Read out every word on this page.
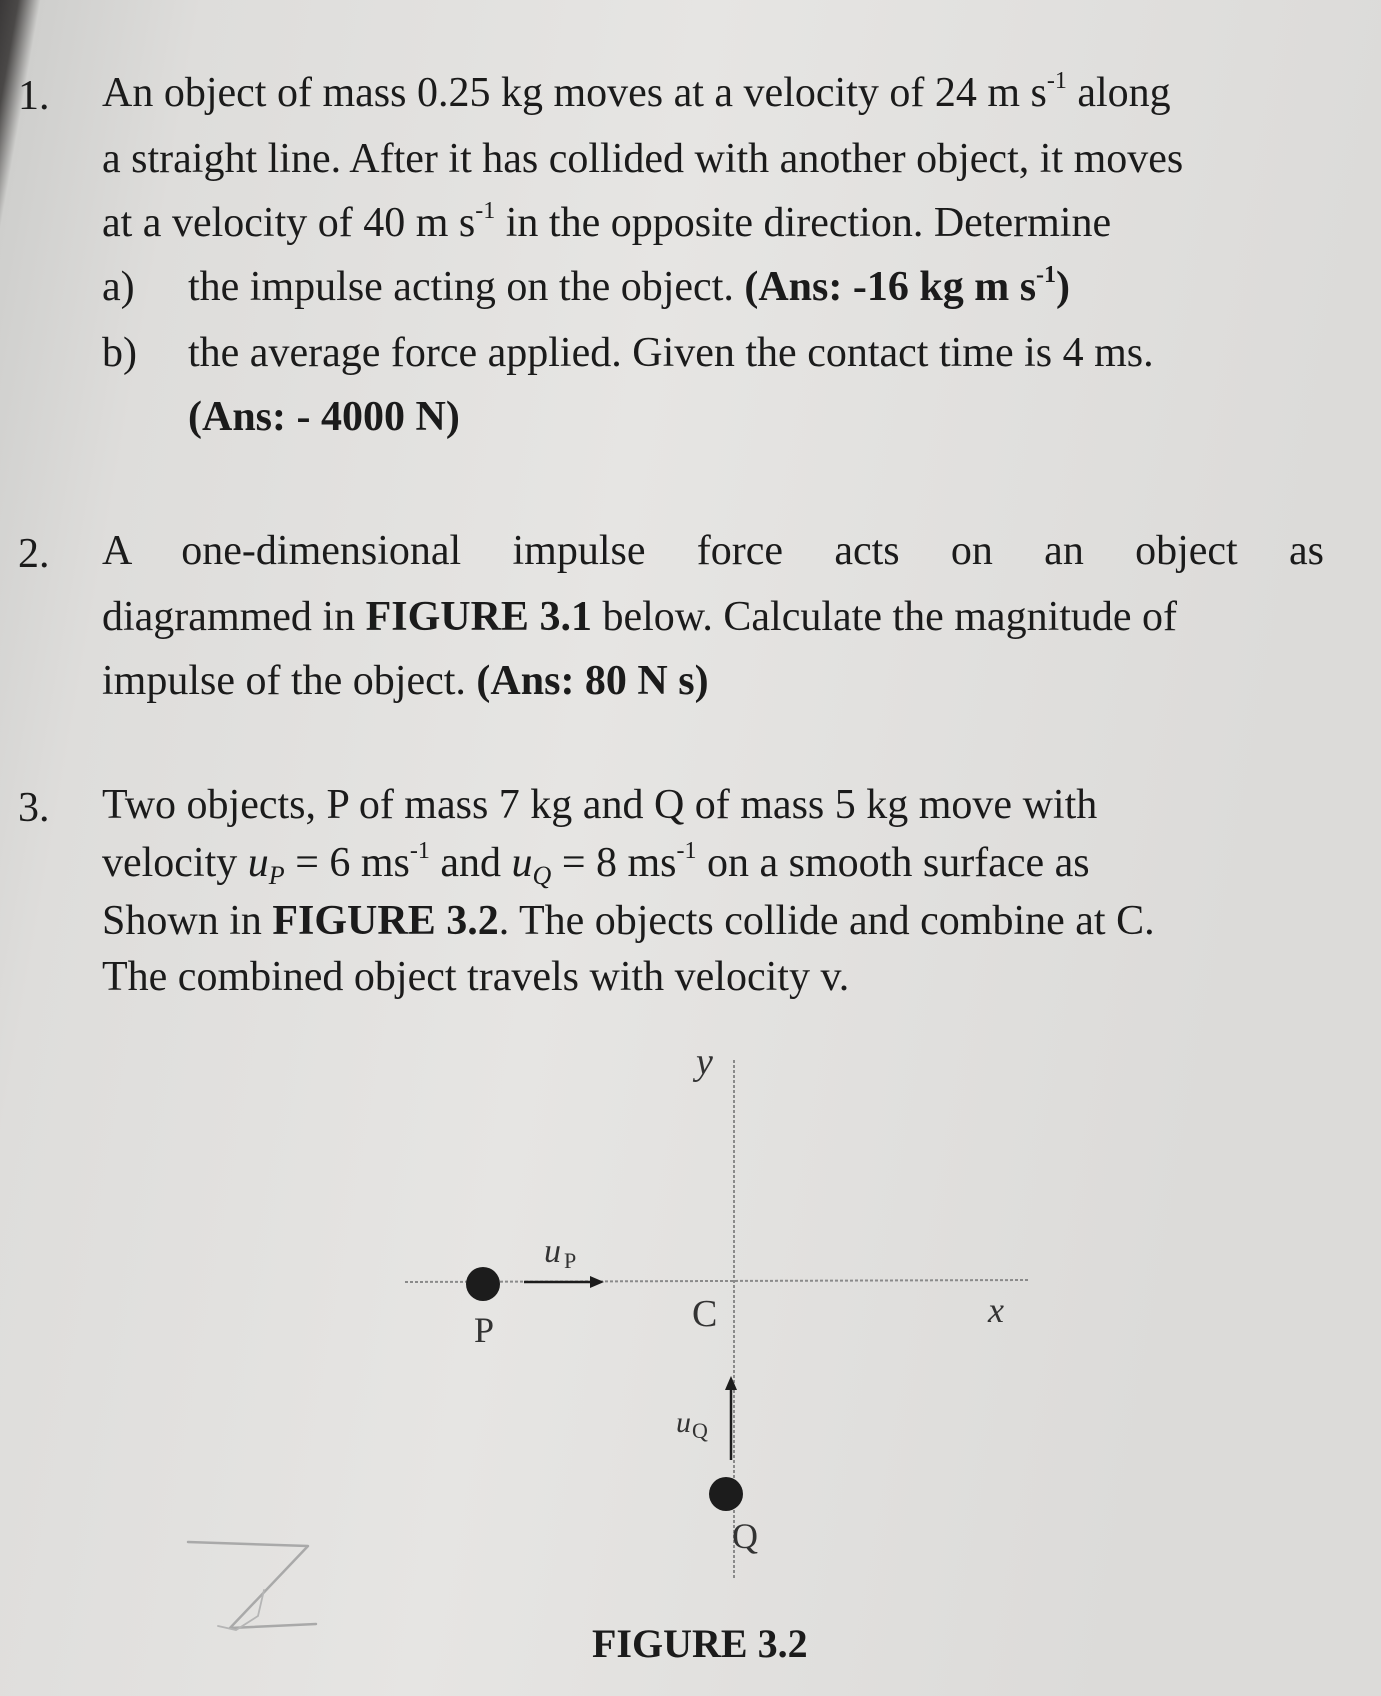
1. An object of mass 0.25 kg moves at a velocity of 24 m $s^{-1}$ along
a straight line. After it has collided with another object, it moves
at a velocity of 40 m $s^{-1}$ in the opposite direction. Determine
a) the impulse acting on the object. (Ans: -16 kg m $s^{-1}$)
b) the average force applied. Given the contact time is 4 ms.
(Ans: - 4000 N)
2. A one-dimensional impulse force acts on an object as
diagrammed in FIGURE 3.1 below. Calculate the magnitude of
impulse of the object. (Ans: 80 N s)
3. Two objects, P of mass 7 kg and Q of mass 5 kg move with
velocity uP = 6 $ms^{-1}$ and uQ = 8 $ms^{-1}$ on a smooth surface as
Shown in FIGURE 3.2. The objects collide and combine at C.
The combined object travels with velocity v.
y
x
C
P
Q
u P
u Q
FIGURE 3.2
